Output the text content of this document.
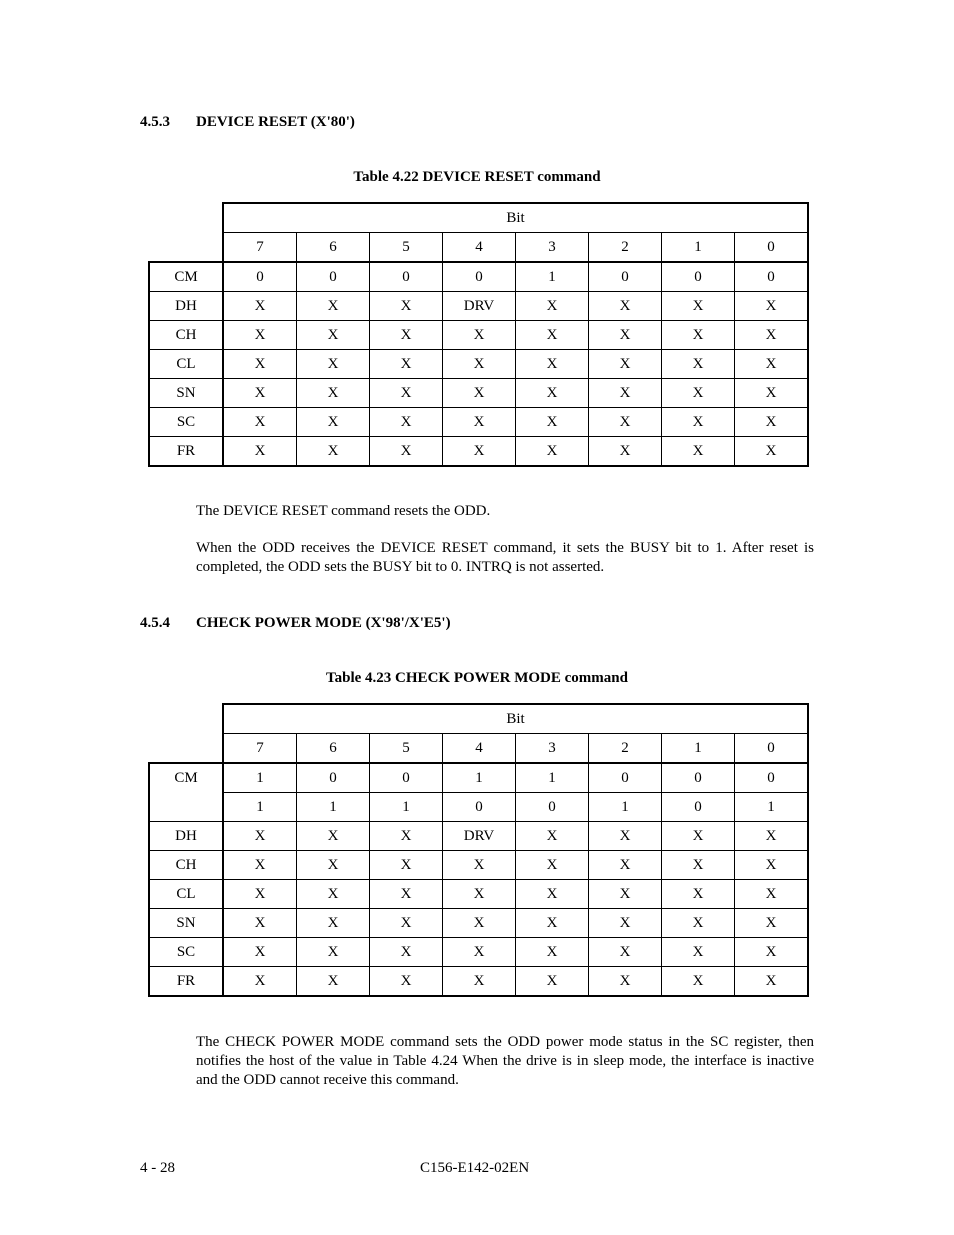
4.5.3 DEVICE RESET (X'80')
Table 4.22 DEVICE RESET command
	Bit							
	7	6	5	4	3	2	1	0
CM	0	0	0	0	1	0	0	0
DH	X	X	X	DRV	X	X	X	X
CH	X	X	X	X	X	X	X	X
CL	X	X	X	X	X	X	X	X
SN	X	X	X	X	X	X	X	X
SC	X	X	X	X	X	X	X	X
FR	X	X	X	X	X	X	X	X
The DEVICE RESET command resets the ODD.
When the ODD receives the DEVICE RESET command, it sets the BUSY bit to 1. After reset is completed, the ODD sets the BUSY bit to 0. INTRQ is not asserted.
4.5.4 CHECK POWER MODE (X'98'/X'E5')
Table 4.23 CHECK POWER MODE command
	Bit							
	7	6	5	4	3	2	1	0
CM	1	0	0	1	1	0	0	0
	1	1	1	0	0	1	0	1
DH	X	X	X	DRV	X	X	X	X
CH	X	X	X	X	X	X	X	X
CL	X	X	X	X	X	X	X	X
SN	X	X	X	X	X	X	X	X
SC	X	X	X	X	X	X	X	X
FR	X	X	X	X	X	X	X	X
The CHECK POWER MODE command sets the ODD power mode status in the SC register, then notifies the host of the value in Table 4.24 When the drive is in sleep mode, the interface is inactive and the ODD cannot receive this command.
4 - 28	C156-E142-02EN
